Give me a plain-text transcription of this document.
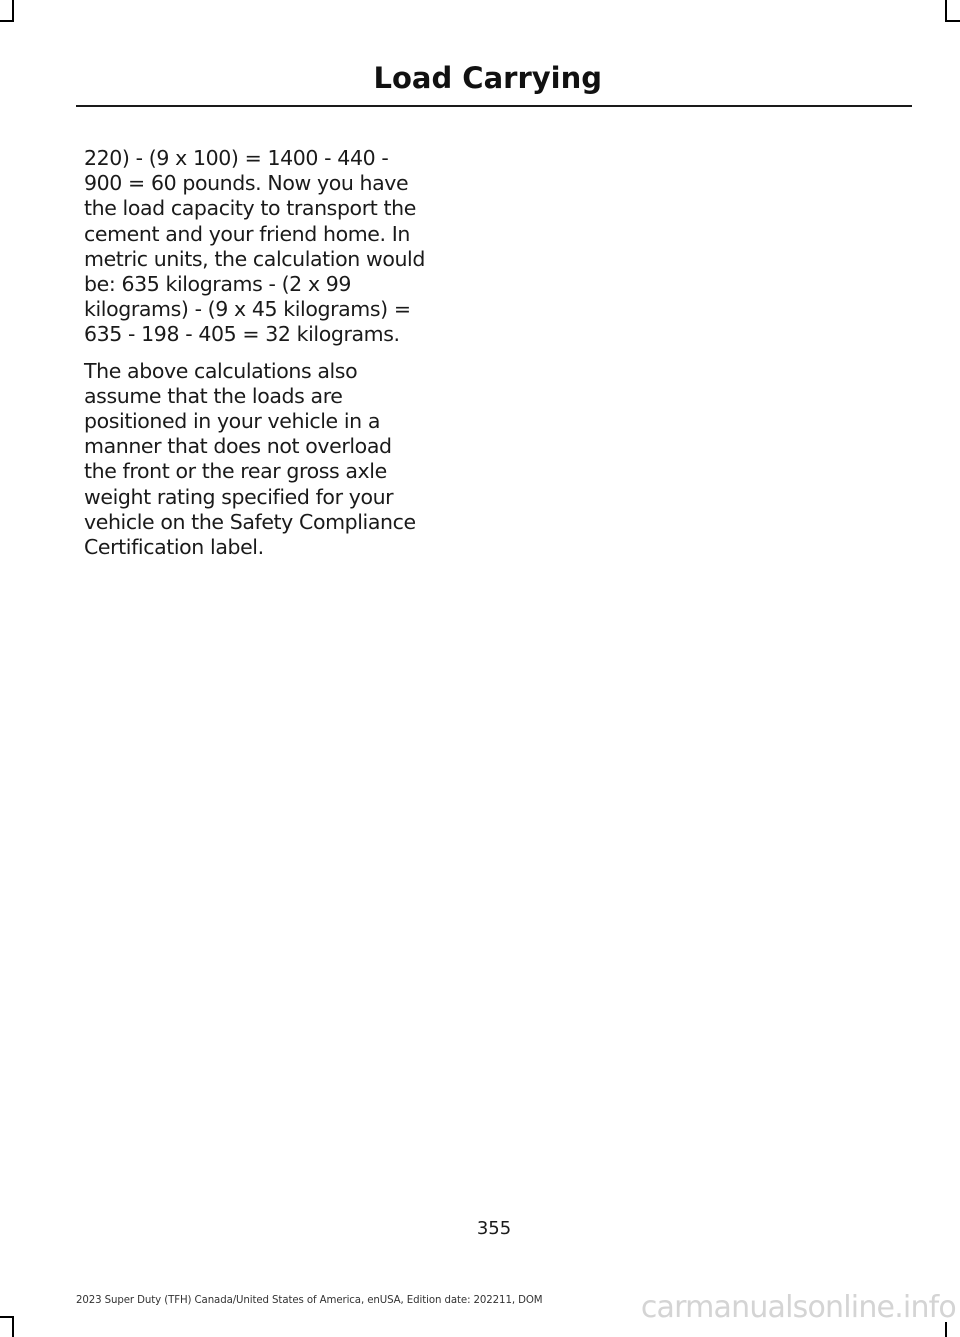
Load Carrying

220) - (9 x 100) = 1400 - 440 -
900 = 60 pounds. Now you have
the load capacity to transport the
cement and your friend home. In
metric units, the calculation would
be: 635 kilograms - (2 x 99
kilograms) - (9 x 45 kilograms) =
635 - 198 - 405 = 32 kilograms.

The above calculations also
assume that the loads are
positioned in your vehicle in a
manner that does not overload
the front or the rear gross axle
weight rating specified for your
vehicle on the Safety Compliance
Certification label.

355
2023 Super Duty (TFH) Canada/United States of America, enUSA, Edition date: 202211, DOM	carmanualsonline.info
